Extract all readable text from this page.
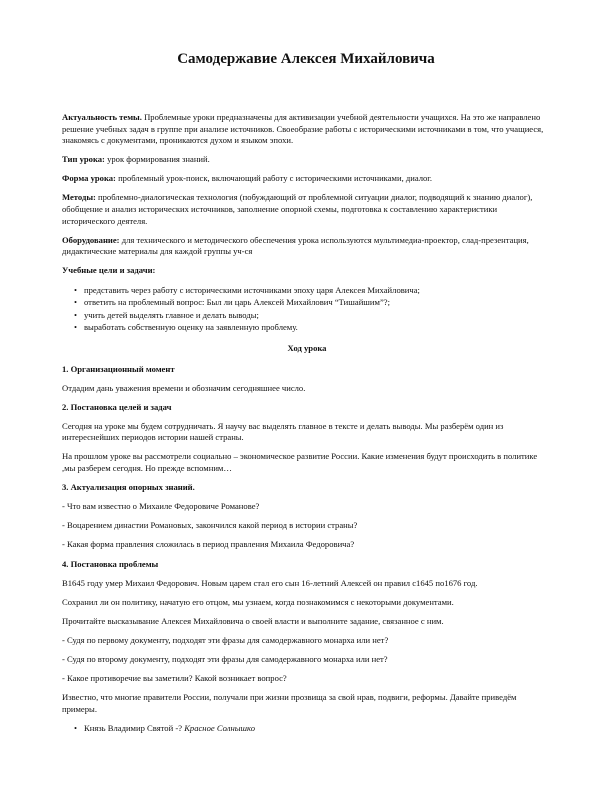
Самодержавие Алексея Михайловича

Актуальность темы. Проблемные уроки предназначены для активизации учебной деятельности учащихся. На это же направлено решение учебных задач в группе при анализе источников. Своеобразие работы с историческими источниками в том, что учащиеся, знакомясь с документами, проникаются духом и языком эпохи.

Тип урока: урок формирования знаний.

Форма урока: проблемный урок-поиск, включающий работу с историческими источниками, диалог.

Методы: проблемно-диалогическая технология (побуждающий от проблемной ситуации диалог, подводящий к знанию диалог), обобщение и анализ исторических источников, заполнение опорной схемы, подготовка к составлению характеристики исторического деятеля.

Оборудование: для технического и методического обеспечения урока используются мультимедиа-проектор, слад-презентация, дидактические материалы для каждой группы уч-ся

Учебные цели и задачи:
• представить через работу с историческими источниками эпоху царя Алексея Михайловича;
• ответить на проблемный вопрос: Был ли царь Алексей Михайлович “Тишайшим”?;
• учить детей выделять главное и делать выводы;
• выработать собственную оценку на заявленную проблему.
Ход урока
1. Организационный момент

Отдадим дань уважения времени и обозначим сегодняшнее число.

2. Постановка целей и задач

Сегодня на уроке мы будем сотрудничать. Я научу вас выделять главное в тексте и делать выводы. Мы разберём один из интереснейших периодов истории нашей страны.

На прошлом уроке вы рассмотрели социально – экономическое развитие России. Какие изменения будут происходить в политике ,мы разберем сегодня. Но прежде вспомним…

3. Актуализация опорных знаний.

- Что вам известно о Михаиле Федоровиче Романове?

- Воцарением династии Романовых, закончился какой период в истории страны?

- Какая форма правления сложилась в период правления Михаила Федоровича?

4. Постановка проблемы

В1645 году умер Михаил Федорович. Новым царем стал его сын 16-летний Алексей он правил с1645 по1676 год.

Сохранил ли он политику, начатую его отцом, мы узнаем, когда познакомимся с некоторыми документами.

Прочитайте высказывание Алексея Михайловича о своей власти и выполните задание, связанное с ним.

- Судя по первому документу, подходят эти фразы для самодержавного монарха или нет?

- Судя по второму документу, подходят эти фразы для самодержавного монарха или нет?

- Какое противоречие вы заметили? Какой возникает вопрос?

Известно, что многие правители России, получали при жизни прозвища за свой нрав, подвиги, реформы. Давайте приведём примеры.

• Князь Владимир Святой -? Красное Солнышко
